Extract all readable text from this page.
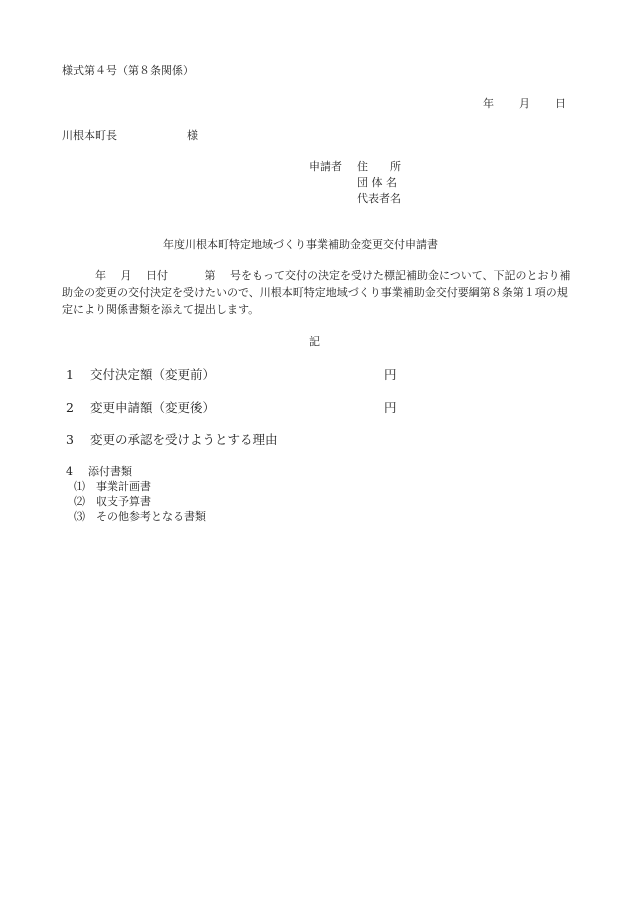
様式第４号（第８条関係）
年 月 日
川根本町長	様
申請者 住　　所
団 体 名
代表者名
年度川根本町特定地域づくり事業補助金変更交付申請書
　　　年　 月　 日付　　　 第　 号をもって交付の決定を受けた標記補助金について、下記のとおり補助金の変更の交付決定を受けたいので、川根本町特定地域づくり事業補助金交付要綱第８条第１項の規定により関係書類を添えて提出します。
記
1 交付決定額（変更前）	円
2 変更申請額（変更後）	円
3 変更の承認を受けようとする理由
4 添付書類
⑴ 事業計画書
⑵ 収支予算書
⑶ その他参考となる書類
